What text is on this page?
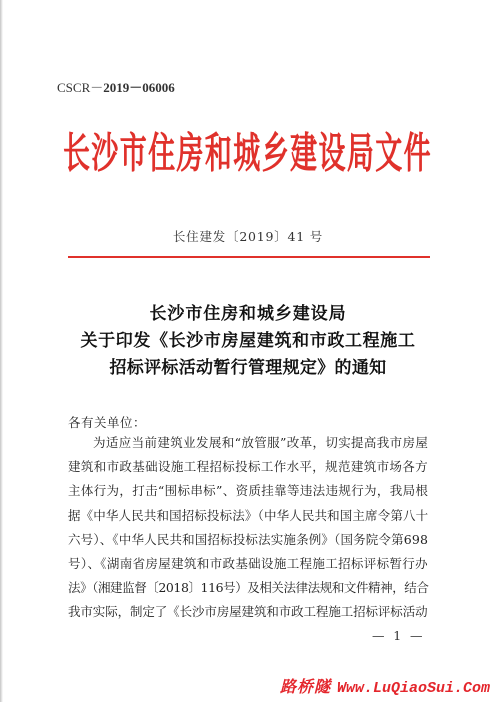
CSCR－2019－06006
长沙市住房和城乡建设局文件
长住建发〔2019〕41 号
长沙市住房和城乡建设局
关于印发《长沙市房屋建筑和市政工程施工
招标评标活动暂行管理规定》的通知
各有关单位：
为适应当前建筑业发展和“放管服”改革，切实提高我市房屋
建筑和市政基础设施工程招标投标工作水平，规范建筑市场各方
主体行为，打击“围标串标”、资质挂靠等违法违规行为，我局根
据《中华人民共和国招标投标法》（中华人民共和国主席令第八十
六号）、《中华人民共和国招标投标法实施条例》（国务院令第698
号）、《湖南省房屋建筑和市政基础设施工程施工招标评标暂行办
法》（湘建监督〔2018〕116号）及相关法律法规和文件精神，结合
我市实际，制定了《长沙市房屋建筑和市政工程施工招标评标活动
— 1 —
路桥隧 Www.LuQiaoSui.Com
